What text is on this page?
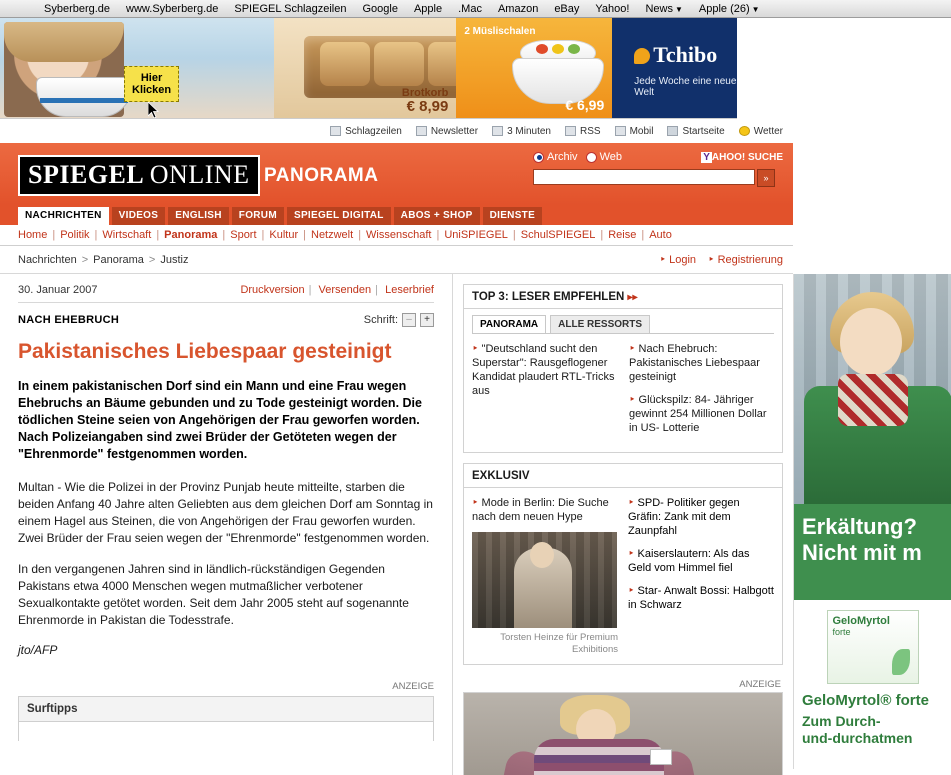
Syberberg.de www.Syberberg.de SPIEGEL Schlagzeilen Google Apple .Mac Amazon eBay Yahoo! News ▼ Apple (26) ▼
Hier
Klicken	Brotkorb
€ 8,99
2 Müslischalen
€ 6,99
Tchibo
Jede Woche eine neue Welt
Schlagzeilen	Newsletter	3 Minuten	RSS	Mobil	Startseite	Wetter
SPIEGEL ONLINE PANORAMA
Archiv Web	Y AHOO! SUCHE
»
NACHRICHTEN	VIDEOS	ENGLISH	FORUM	SPIEGEL DIGITAL	ABOS + SHOP	DIENSTE
Home | Politik | Wirtschaft | Panorama | Sport | Kultur | Netzwelt | Wissenschaft | UniSPIEGEL | SchulSPIEGEL | Reise | Auto
Nachrichten > Panorama > Justiz	‣ Login	‣ Registrierung
30. Januar 2007	Druckversion | Versenden | Leserbrief
NACH EHEBRUCH	Schrift: –	+
Pakistanisches Liebespaar gesteinigt

In einem pakistanischen Dorf sind ein Mann und eine Frau wegen Ehebruchs an Bäume gebunden und zu Tode gesteinigt worden. Die tödlichen Steine seien von Angehörigen der Frau geworfen worden. Nach Polizeiangaben sind zwei Brüder der Getöteten wegen der "Ehrenmorde" festgenommen worden.

Multan - Wie die Polizei in der Provinz Punjab heute mitteilte, starben die beiden Anfang 40 Jahre alten Geliebten aus dem gleichen Dorf am Sonntag in einem Hagel aus Steinen, die von Angehörigen der Frau geworfen wurden. Zwei Brüder der Frau seien wegen der "Ehrenmorde" festgenommen worden.

In den vergangenen Jahren sind in ländlich-rückständigen Gegenden Pakistans etwa 4000 Menschen wegen mutmaßlicher verbotener Sexualkontakte getötet worden. Seit dem Jahr 2005 steht auf sogenannte Ehrenmorde in Pakistan die Todesstrafe.

jto/AFP

ANZEIGE
Surftipps
TOP 3: LESER EMPFEHLEN ▸▸
PANORAMA	ALLE RESSORTS
‣ "Deutschland sucht den Superstar": Rausgeflogener Kandidat plaudert RTL-Tricks aus
‣ Nach Ehebruch: Pakistanisches Liebespaar gesteinigt
‣ Glückspilz: 84- Jähriger gewinnt 254 Millionen Dollar in US- Lotterie
EXKLUSIV
‣ Mode in Berlin: Die Suche nach dem neuen Hype
Torsten Heinze für Premium Exhibitions
‣ SPD- Politiker gegen Gräfin: Zank mit dem Zaunpfahl
‣ Kaiserslautern: Als das Geld vom Himmel fiel
‣ Star- Anwalt Bossi: Halbgott in Schwarz
ANZEIGE
Erkältung?
Nicht mit m
GeloMyrtol
forte
GeloMyrtol® forte
Zum Durch-
und-durchatmen
